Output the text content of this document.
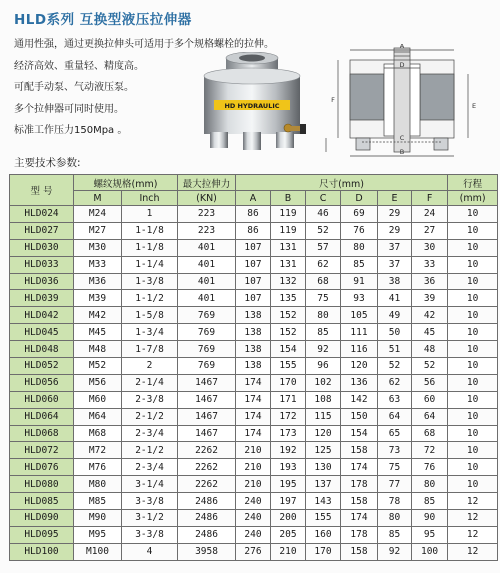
HLD系列 互换型液压拉伸器
通用性强，通过更换拉伸头可适用于多个规格螺栓的拉伸。
经济高效、重量轻、精度高。
可配手动泵、气动液压泵。
多个拉伸器可同时使用。
标准工作压力150Mpa 。
HD HYDRAULIC
A
B
C
D
E
F
主要技术参数:
型 号	螺纹规格(mm)		最大拉伸力	尺寸(mm)						行程
	M	Inch	(KN)	A	B	C	D	E	F	(mm)
HLD024	M24	1	223	86	119	46	69	29	24	10
HLD027	M27	1-1/8	223	86	119	52	76	29	27	10
HLD030	M30	1-1/8	401	107	131	57	80	37	30	10
HLD033	M33	1-1/4	401	107	131	62	85	37	33	10
HLD036	M36	1-3/8	401	107	132	68	91	38	36	10
HLD039	M39	1-1/2	401	107	135	75	93	41	39	10
HLD042	M42	1-5/8	769	138	152	80	105	49	42	10
HLD045	M45	1-3/4	769	138	152	85	111	50	45	10
HLD048	M48	1-7/8	769	138	154	92	116	51	48	10
HLD052	M52	2	769	138	155	96	120	52	52	10
HLD056	M56	2-1/4	1467	174	170	102	136	62	56	10
HLD060	M60	2-3/8	1467	174	171	108	142	63	60	10
HLD064	M64	2-1/2	1467	174	172	115	150	64	64	10
HLD068	M68	2-3/4	1467	174	173	120	154	65	68	10
HLD072	M72	2-1/2	2262	210	192	125	158	73	72	10
HLD076	M76	2-3/4	2262	210	193	130	174	75	76	10
HLD080	M80	3-1/4	2262	210	195	137	178	77	80	10
HLD085	M85	3-3/8	2486	240	197	143	158	78	85	12
HLD090	M90	3-1/2	2486	240	200	155	174	80	90	12
HLD095	M95	3-3/8	2486	240	205	160	178	85	95	12
HLD100	M100	4	3958	276	210	170	158	92	100	12
